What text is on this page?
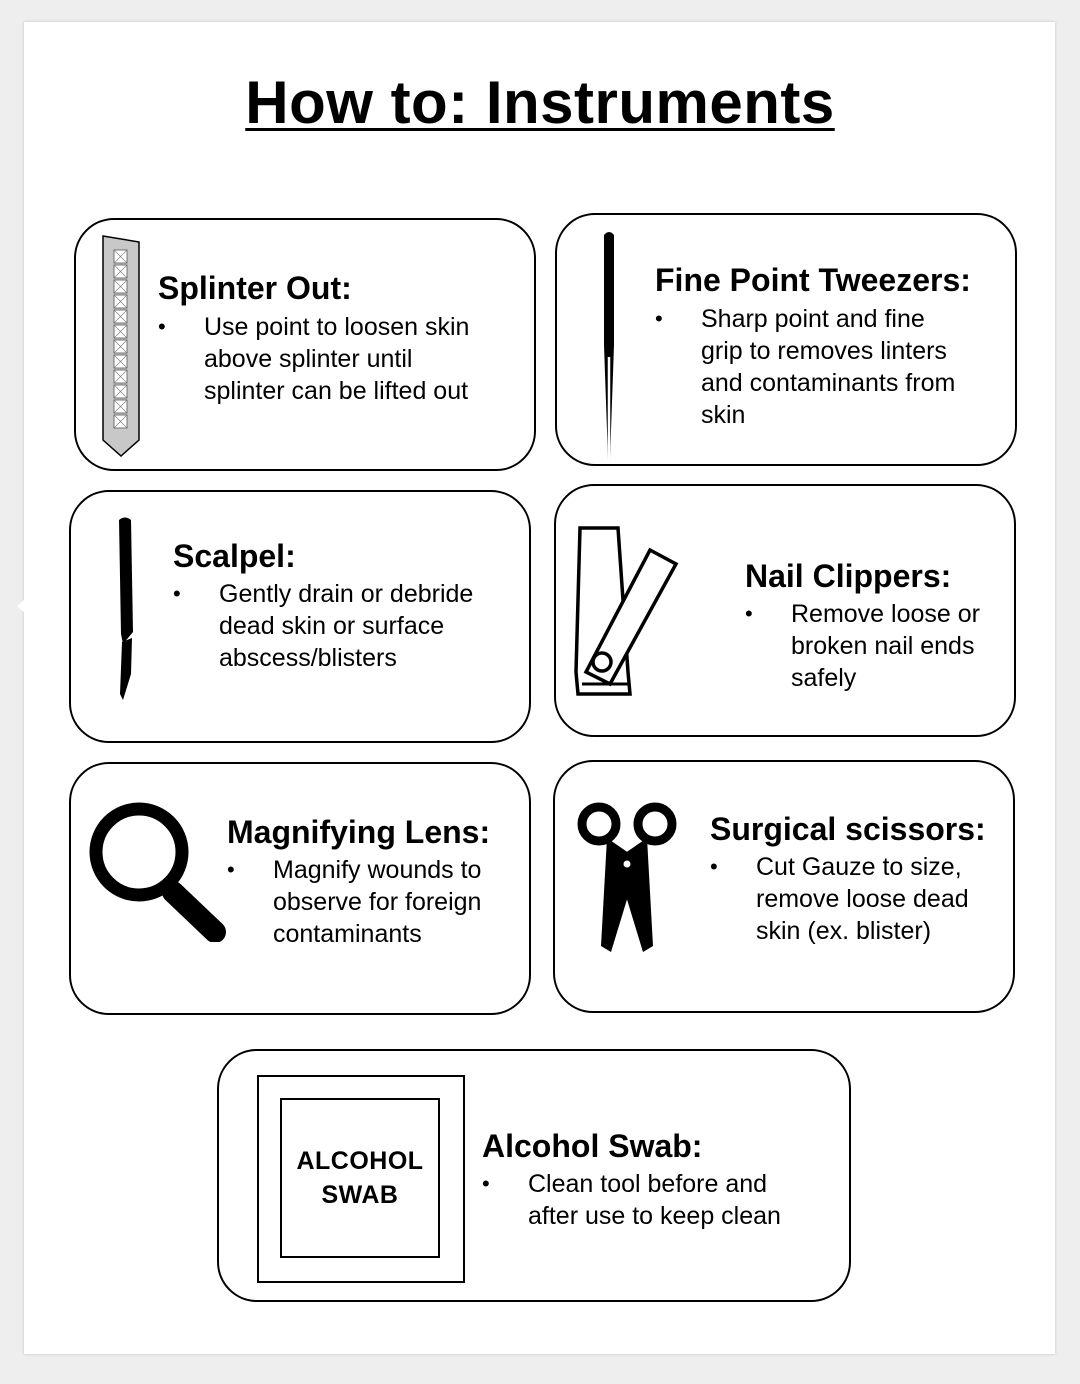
How to: Instruments
Splinter Out:
• Use point to loosen skin
above splinter until
splinter can be lifted out
Fine Point Tweezers:
• Sharp point and fine
grip to removes linters
and contaminants from
skin
Scalpel:
• Gently drain or debride
dead skin or surface
abscess/blisters
Nail Clippers:
• Remove loose or
broken nail ends
safely
Magnifying Lens:
• Magnify wounds to
observe for foreign
contaminants
Surgical scissors:
• Cut Gauze to size,
remove loose dead
skin (ex. blister)
ALCOHOL
SWAB
Alcohol Swab:
• Clean tool before and
after use to keep clean
